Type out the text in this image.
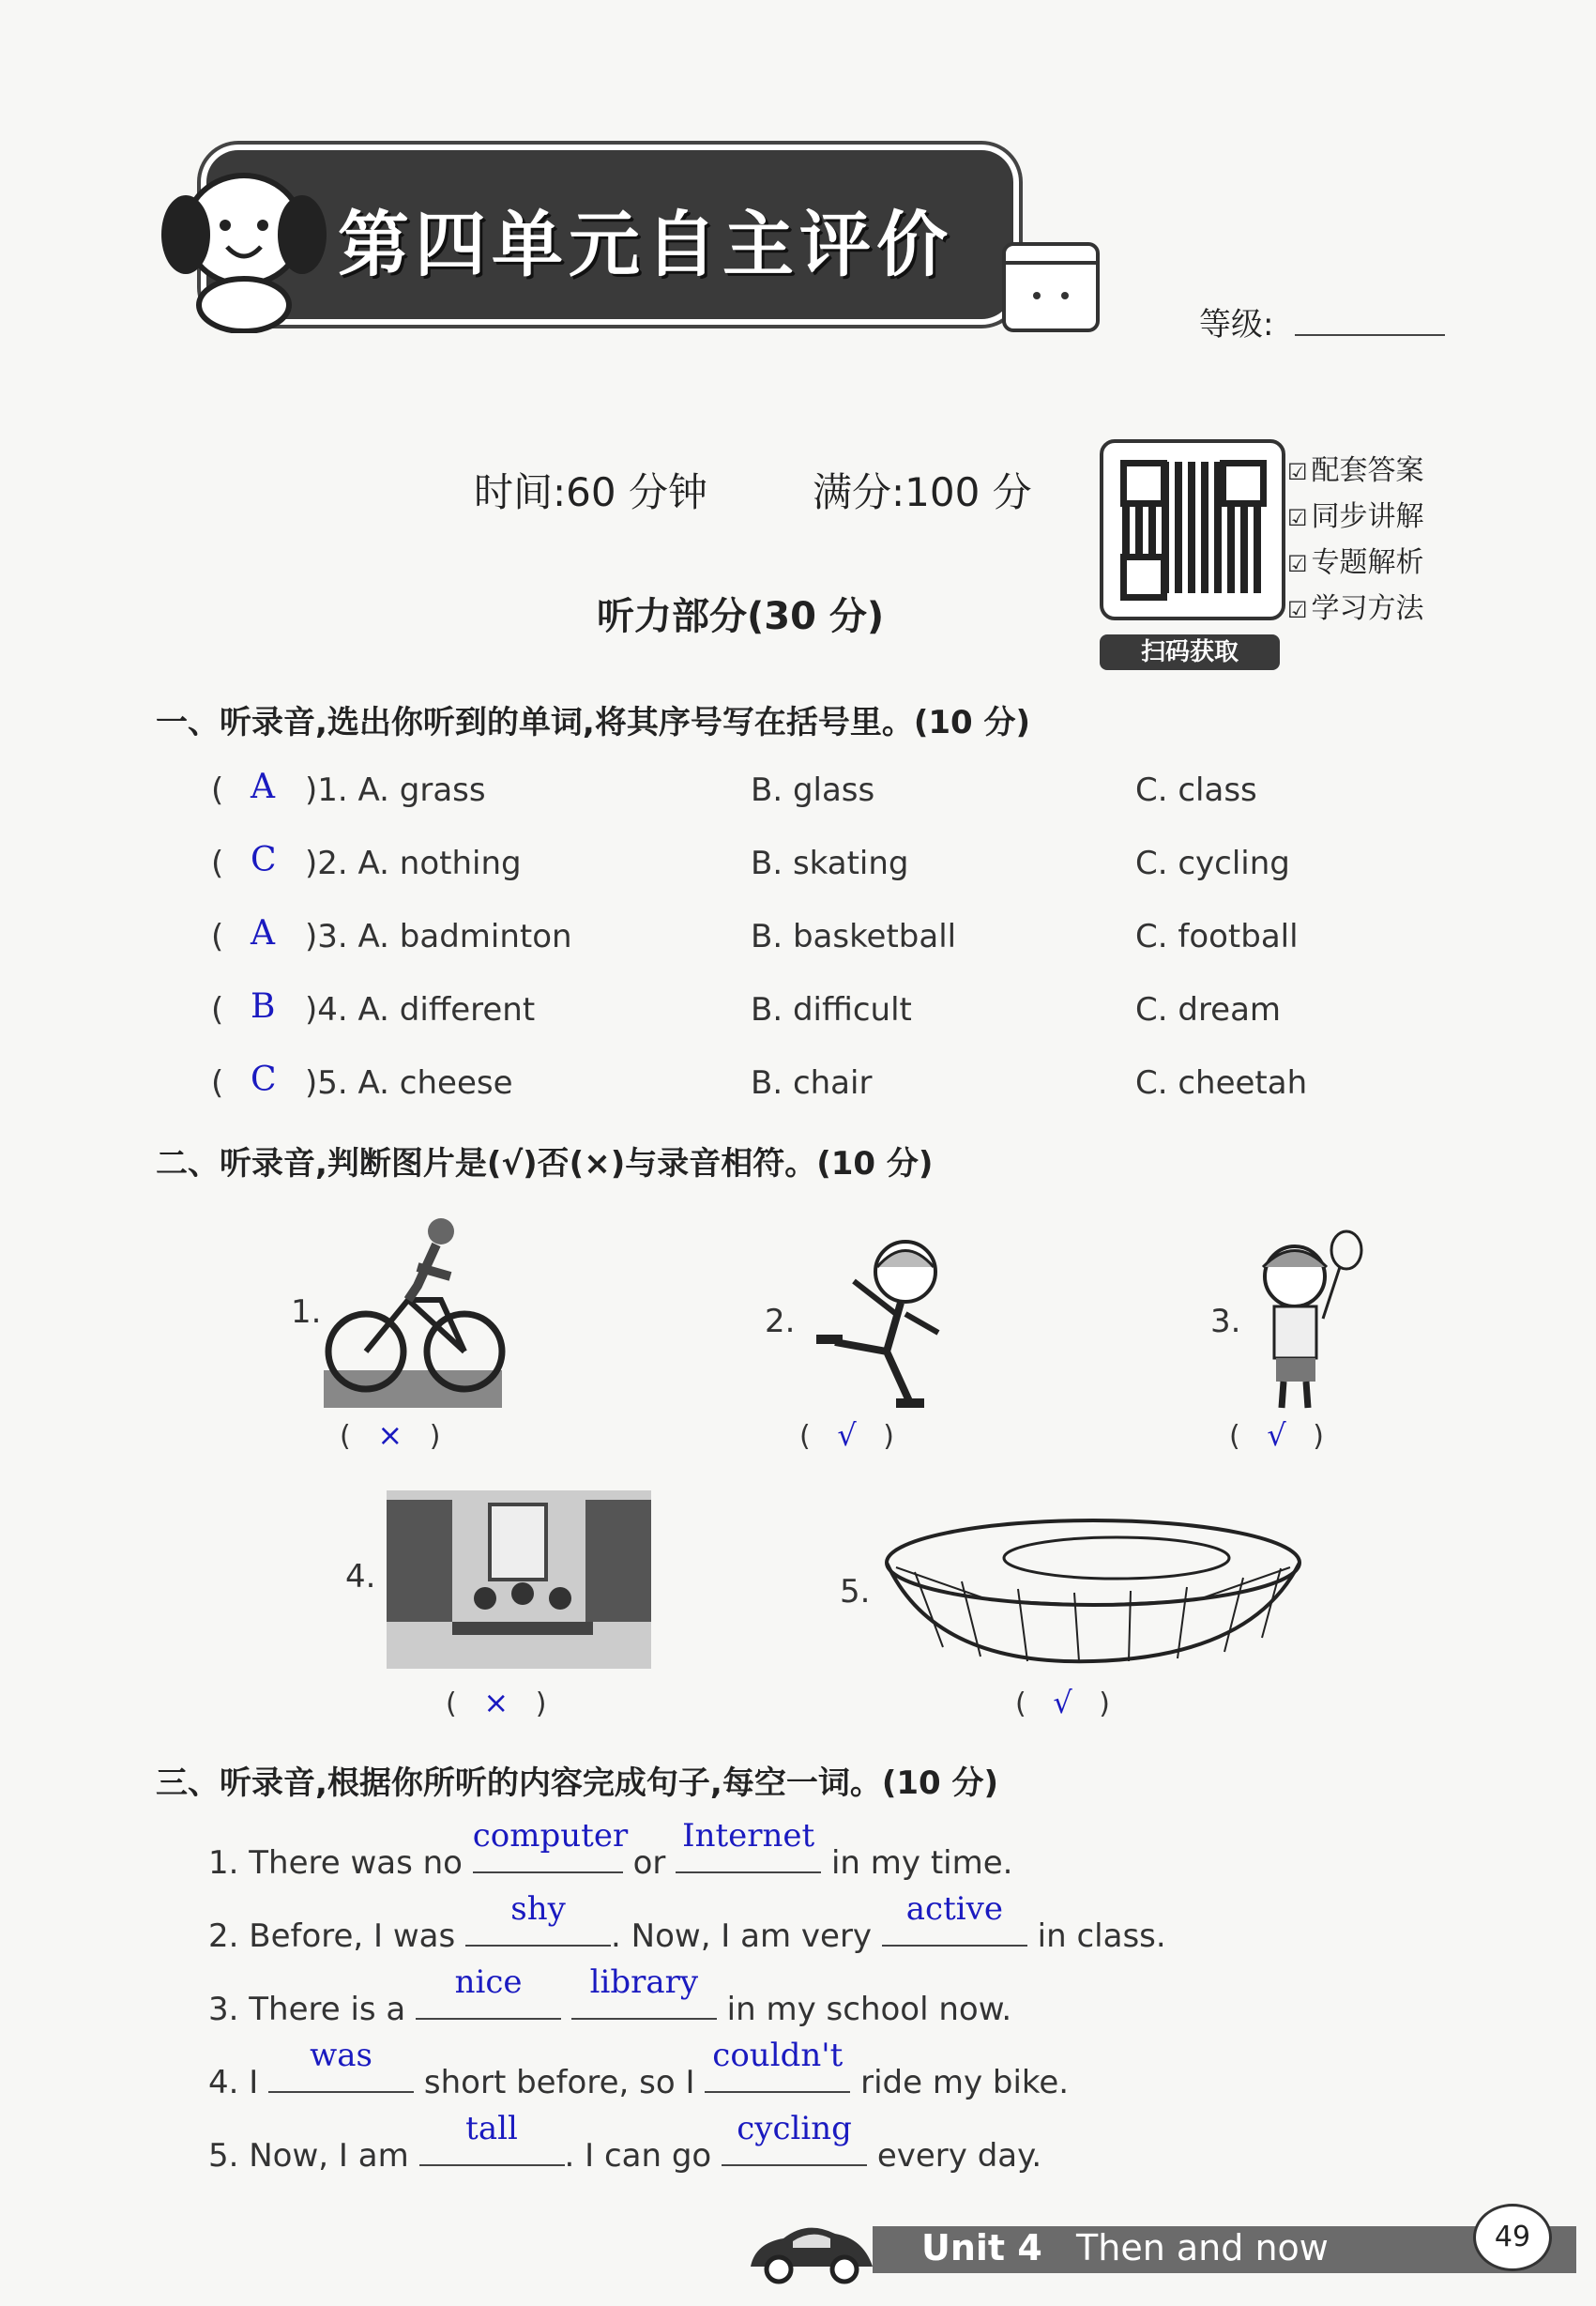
第四单元自主评价
等级:
时间:60 分钟	满分:100 分
扫码获取
☑ 配套答案
☑ 同步讲解
☑ 专题解析
☑ 学习方法
听力部分(30 分)
一、听录音,选出你听到的单词,将其序号写在括号里。(10 分)
( A )1. A. grass	B. glass	C. class
( C )2. A. nothing	B. skating	C. cycling
( A )3. A. badminton	B. basketball	C. football
( B )4. A. different	B. difficult	C. dream
( C )5. A. cheese	B. chair	C. cheetah
二、听录音,判断图片是(√)否(×)与录音相符。(10 分)
1.
(   ×   )
2.
(   √   )
3.
(   √   )
4.
(   ×   )
5.
(   √   )
三、听录音,根据你所听的内容完成句子,每空一词。(10 分)
1. There was no
computer
or
Internet
in my time.
2. Before, I was
shy
. Now, I am very
active
in class.
3. There is a
nice
	library
in my school now.
4. I
was
short before, so I
couldn't
ride my bike.
5. Now, I am
tall
. I can go
cycling
every day.
Unit 4 Then and now	49
